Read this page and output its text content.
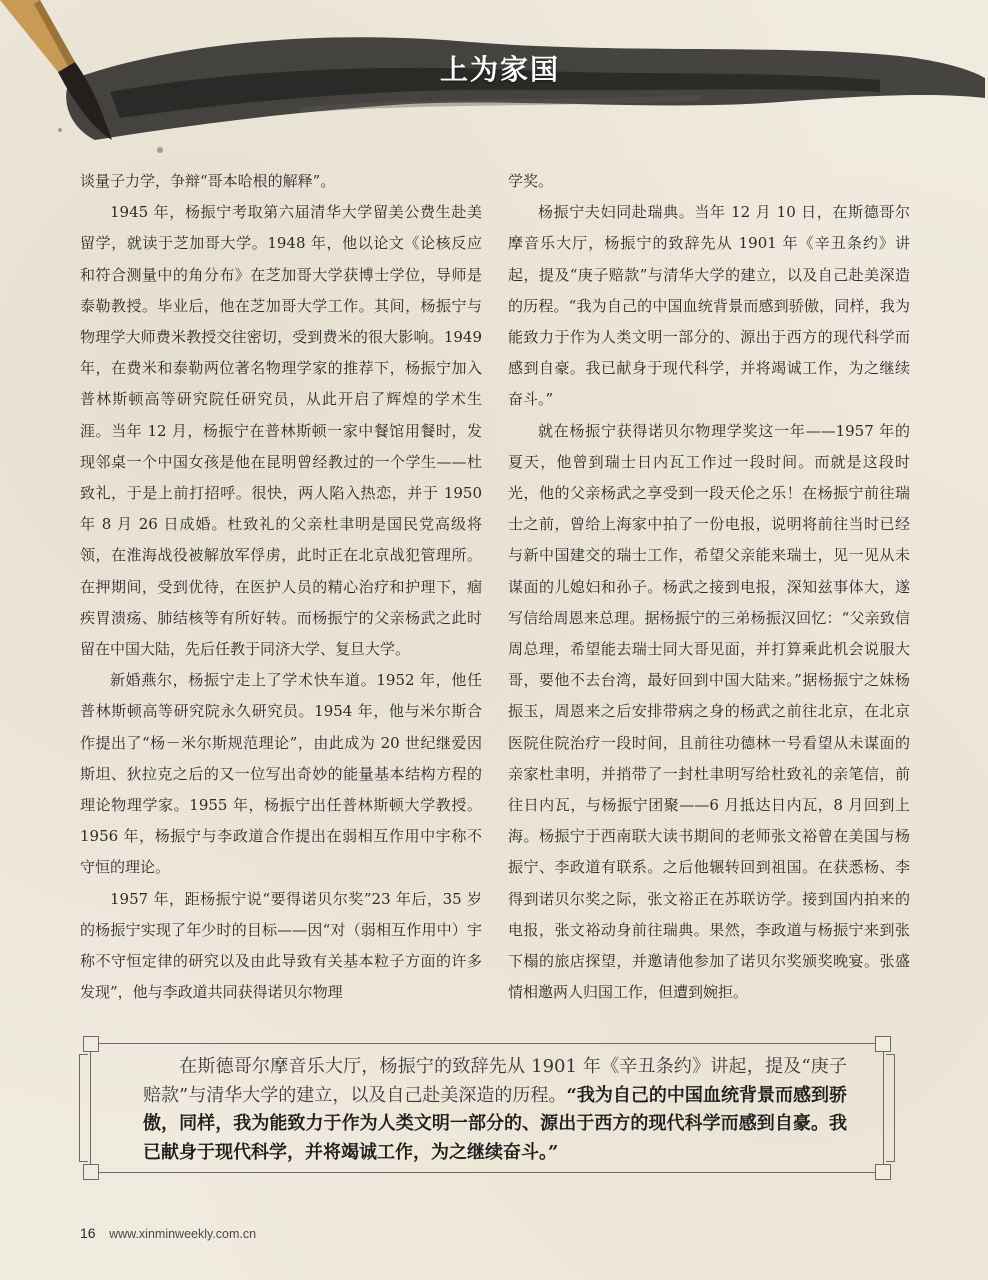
上为家国

谈量子力学，争辩“哥本哈根的解释”。

1945 年，杨振宁考取第六届清华大学留美公费生赴美留学，就读于芝加哥大学。1948 年，他以论文《论核反应和符合测量中的角分布》在芝加哥大学获博士学位，导师是泰勒教授。毕业后，他在芝加哥大学工作。其间，杨振宁与物理学大师费米教授交往密切，受到费米的很大影响。1949 年，在费米和泰勒两位著名物理学家的推荐下，杨振宁加入普林斯顿高等研究院任研究员，从此开启了辉煌的学术生涯。当年 12 月，杨振宁在普林斯顿一家中餐馆用餐时，发现邻桌一个中国女孩是他在昆明曾经教过的一个学生——杜致礼，于是上前打招呼。很快，两人陷入热恋，并于 1950 年 8 月 26 日成婚。杜致礼的父亲杜聿明是国民党高级将领，在淮海战役被解放军俘虏，此时正在北京战犯管理所。在押期间，受到优待，在医护人员的精心治疗和护理下，痼疾胃溃疡、肺结核等有所好转。而杨振宁的父亲杨武之此时留在中国大陆，先后任教于同济大学、复旦大学。

新婚燕尔，杨振宁走上了学术快车道。1952 年，他任普林斯顿高等研究院永久研究员。1954 年，他与米尔斯合作提出了“杨－米尔斯规范理论”，由此成为 20 世纪继爱因斯坦、狄拉克之后的又一位写出奇妙的能量基本结构方程的理论物理学家。1955 年，杨振宁出任普林斯顿大学教授。1956 年，杨振宁与李政道合作提出在弱相互作用中宇称不守恒的理论。

1957 年，距杨振宁说“要得诺贝尔奖”23 年后，35 岁的杨振宁实现了年少时的目标——因“对（弱相互作用中）宇称不守恒定律的研究以及由此导致有关基本粒子方面的许多发现”，他与李政道共同获得诺贝尔物理

学奖。

杨振宁夫妇同赴瑞典。当年 12 月 10 日，在斯德哥尔摩音乐大厅，杨振宁的致辞先从 1901 年《辛丑条约》讲起，提及“庚子赔款”与清华大学的建立，以及自己赴美深造的历程。“我为自己的中国血统背景而感到骄傲，同样，我为能致力于作为人类文明一部分的、源出于西方的现代科学而感到自豪。我已献身于现代科学，并将竭诚工作，为之继续奋斗。”

就在杨振宁获得诺贝尔物理学奖这一年——1957 年的夏天，他曾到瑞士日内瓦工作过一段时间。而就是这段时光，他的父亲杨武之享受到一段天伦之乐！在杨振宁前往瑞士之前，曾给上海家中拍了一份电报，说明将前往当时已经与新中国建交的瑞士工作，希望父亲能来瑞士，见一见从未谋面的儿媳妇和孙子。杨武之接到电报，深知兹事体大，遂写信给周恩来总理。据杨振宁的三弟杨振汉回忆：“父亲致信周总理，希望能去瑞士同大哥见面，并打算乘此机会说服大哥，要他不去台湾，最好回到中国大陆来。”据杨振宁之妹杨振玉，周恩来之后安排带病之身的杨武之前往北京，在北京医院住院治疗一段时间，且前往功德林一号看望从未谋面的亲家杜聿明，并捎带了一封杜聿明写给杜致礼的亲笔信，前往日内瓦，与杨振宁团聚——6 月抵达日内瓦，8 月回到上海。杨振宁于西南联大读书期间的老师张文裕曾在美国与杨振宁、李政道有联系。之后他辗转回到祖国。在获悉杨、李得到诺贝尔奖之际，张文裕正在苏联访学。接到国内拍来的电报，张文裕动身前往瑞典。果然，李政道与杨振宁来到张下榻的旅店探望，并邀请他参加了诺贝尔奖颁奖晚宴。张盛情相邀两人归国工作，但遭到婉拒。

在斯德哥尔摩音乐大厅，杨振宁的致辞先从 1901 年《辛丑条约》讲起，提及“庚子赔款”与清华大学的建立，以及自己赴美深造的历程。“我为自己的中国血统背景而感到骄傲，同样，我为能致力于作为人类文明一部分的、源出于西方的现代科学而感到自豪。我已献身于现代科学，并将竭诚工作，为之继续奋斗。”
16 www.xinminweekly.com.cn
